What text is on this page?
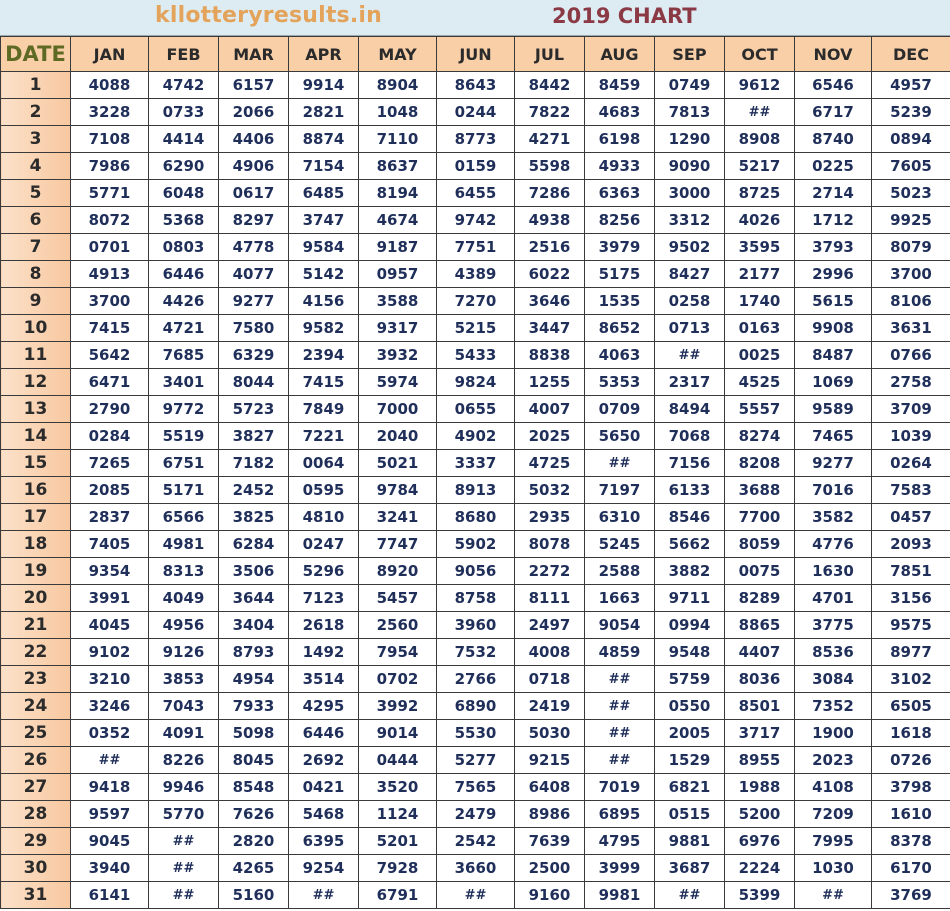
kllotteryresults.in	2019 CHART
DATE	JAN	FEB	MAR	APR	MAY	JUN	JUL	AUG	SEP	OCT	NOV	DEC
1	4088	4742	6157	9914	8904	8643	8442	8459	0749	9612	6546	4957
2	3228	0733	2066	2821	1048	0244	7822	4683	7813	##	6717	5239
3	7108	4414	4406	8874	7110	8773	4271	6198	1290	8908	8740	0894
4	7986	6290	4906	7154	8637	0159	5598	4933	9090	5217	0225	7605
5	5771	6048	0617	6485	8194	6455	7286	6363	3000	8725	2714	5023
6	8072	5368	8297	3747	4674	9742	4938	8256	3312	4026	1712	9925
7	0701	0803	4778	9584	9187	7751	2516	3979	9502	3595	3793	8079
8	4913	6446	4077	5142	0957	4389	6022	5175	8427	2177	2996	3700
9	3700	4426	9277	4156	3588	7270	3646	1535	0258	1740	5615	8106
10	7415	4721	7580	9582	9317	5215	3447	8652	0713	0163	9908	3631
11	5642	7685	6329	2394	3932	5433	8838	4063	##	0025	8487	0766
12	6471	3401	8044	7415	5974	9824	1255	5353	2317	4525	1069	2758
13	2790	9772	5723	7849	7000	0655	4007	0709	8494	5557	9589	3709
14	0284	5519	3827	7221	2040	4902	2025	5650	7068	8274	7465	1039
15	7265	6751	7182	0064	5021	3337	4725	##	7156	8208	9277	0264
16	2085	5171	2452	0595	9784	8913	5032	7197	6133	3688	7016	7583
17	2837	6566	3825	4810	3241	8680	2935	6310	8546	7700	3582	0457
18	7405	4981	6284	0247	7747	5902	8078	5245	5662	8059	4776	2093
19	9354	8313	3506	5296	8920	9056	2272	2588	3882	0075	1630	7851
20	3991	4049	3644	7123	5457	8758	8111	1663	9711	8289	4701	3156
21	4045	4956	3404	2618	2560	3960	2497	9054	0994	8865	3775	9575
22	9102	9126	8793	1492	7954	7532	4008	4859	9548	4407	8536	8977
23	3210	3853	4954	3514	0702	2766	0718	##	5759	8036	3084	3102
24	3246	7043	7933	4295	3992	6890	2419	##	0550	8501	7352	6505
25	0352	4091	5098	6446	9014	5530	5030	##	2005	3717	1900	1618
26	##	8226	8045	2692	0444	5277	9215	##	1529	8955	2023	0726
27	9418	9946	8548	0421	3520	7565	6408	7019	6821	1988	4108	3798
28	9597	5770	7626	5468	1124	2479	8986	6895	0515	5200	7209	1610
29	9045	##	2820	6395	5201	2542	7639	4795	9881	6976	7995	8378
30	3940	##	4265	9254	7928	3660	2500	3999	3687	2224	1030	6170
31	6141	##	5160	##	6791	##	9160	9981	##	5399	##	3769
